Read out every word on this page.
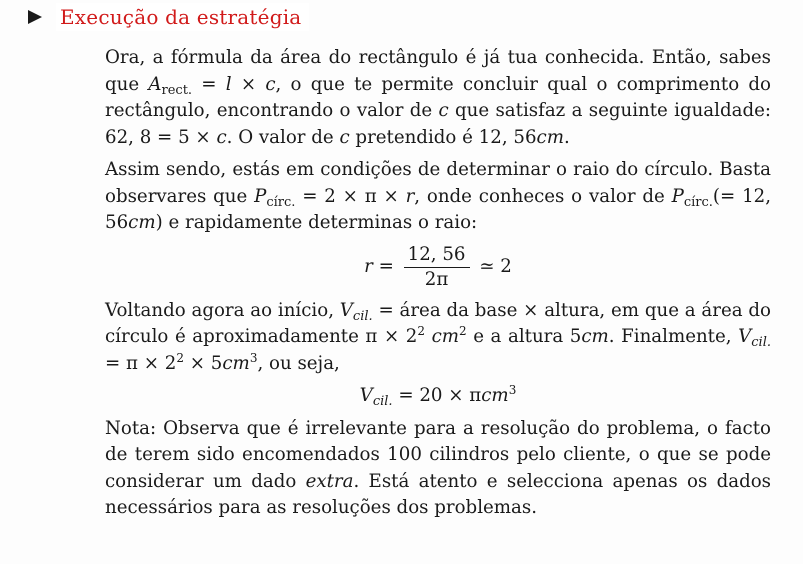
Execução da estratégia

Ora, a fórmula da área do rectângulo é já tua conhecida. Então, sabes que $A_{rect.} = l \times c$, o que te permite concluir qual o comprimento do rectângulo, encontrando o valor de c que satisfaz a seguinte igualdade: 62, 8 = 5 × c. O valor de c pretendido é 12, 56cm.

Assim sendo, estás em condições de determinar o raio do círculo. Basta observares que $P_{círc.} = 2 \times \pi \times r$, onde conheces o valor de $P_{círc.}(= 12$, 56cm) e rapidamente determinas o raio:

$r = \frac{12, 56}{2\pi}$ ≃ 2

Voltando agora ao início, $V_{cil.}$ = área da base × altura, em que a área do círculo é aproximadamente $\pi \times 2^2$ $cm^2$ e a altura 5cm. Finalmente, $V_{cil.} = \pi \times 2^2 \times 5cm^3$, ou seja,

$V_{cil.} = 20 \times \pi cm^3$

Nota: Observa que é irrelevante para a resolução do problema, o facto de terem sido encomendados 100 cilindros pelo cliente, o que se pode considerar um dado extra. Está atento e selecciona apenas os dados necessários para as resoluções dos problemas.
